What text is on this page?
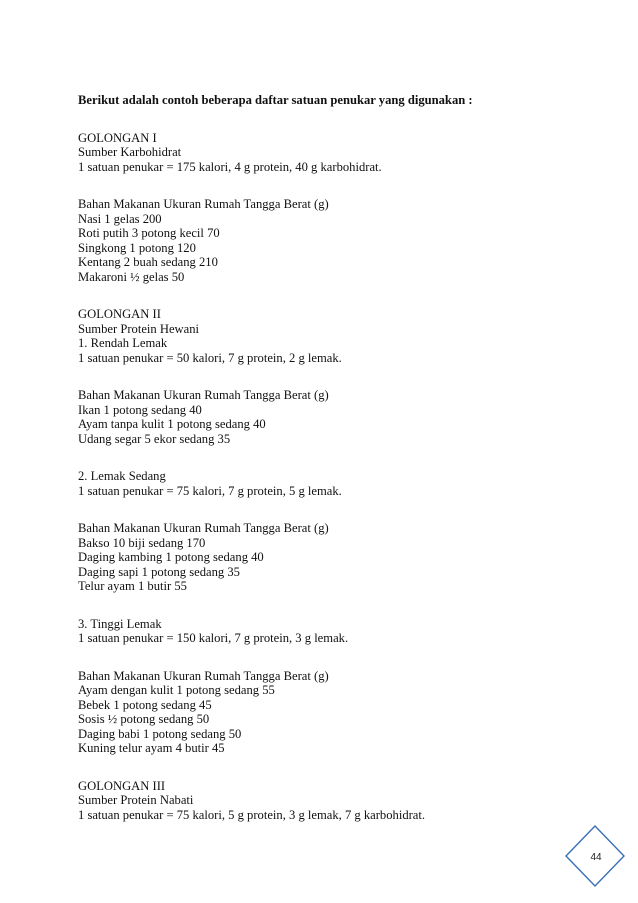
Berikut adalah contoh beberapa daftar satuan penukar yang digunakan :
GOLONGAN I
Sumber Karbohidrat
1 satuan penukar = 175 kalori, 4 g protein, 40 g karbohidrat.
Bahan Makanan Ukuran Rumah Tangga Berat (g)
Nasi 1 gelas 200
Roti putih 3 potong kecil 70
Singkong 1 potong 120
Kentang 2 buah sedang 210
Makaroni ½ gelas 50
GOLONGAN II
Sumber Protein Hewani
1. Rendah Lemak
1 satuan penukar = 50 kalori, 7 g protein, 2 g lemak.
Bahan Makanan Ukuran Rumah Tangga Berat (g)
Ikan 1 potong sedang 40
Ayam tanpa kulit 1 potong sedang 40
Udang segar 5 ekor sedang 35
2. Lemak Sedang
1 satuan penukar = 75 kalori, 7 g protein, 5 g lemak.
Bahan Makanan Ukuran Rumah Tangga Berat (g)
Bakso 10 biji sedang 170
Daging kambing 1 potong sedang 40
Daging sapi 1 potong sedang 35
Telur ayam 1 butir 55
3. Tinggi Lemak
1 satuan penukar = 150 kalori, 7 g protein, 3 g lemak.
Bahan Makanan Ukuran Rumah Tangga Berat (g)
Ayam dengan kulit 1 potong sedang 55
Bebek 1 potong sedang 45
Sosis ½ potong sedang 50
Daging babi 1 potong sedang 50
Kuning telur ayam 4 butir 45
GOLONGAN III
Sumber Protein Nabati
1 satuan penukar = 75 kalori, 5 g protein, 3 g lemak, 7 g karbohidrat.
44
